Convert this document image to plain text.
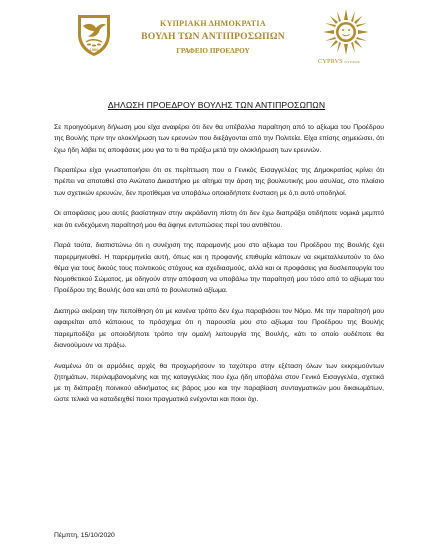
1960
ΚΥΠΡΙΑΚΗ ΔΗΜΟΚΡΑΤΙΑ
ΒΟΥΛΗ ΤΩΝ ΑΝΤΙΠΡΟΣΩΠΩΝ
ΓΡΑΦΕΙΟ ΠΡΟΕΔΡΟΥ
CYPRVS ΚΥΠΡΟΣ
ΔΗΛΩΣΗ ΠΡΟΕΔΡΟΥ ΒΟΥΛΗΣ ΤΩΝ ΑΝΤΙΠΡΟΣΩΠΩΝ

Σε προηγούμενη δήλωση μου είχα αναφέρει ότι δεν θα υπέβαλλα παραίτηση από το αξίωμα του Προέδρου της Βουλής πριν την ολοκλήρωση των ερευνών που διεξάγονται από την Πολιτεία. Είχα επίσης σημειώσει, ότι έχω ήδη λάβει τις αποφάσεις μου για το τι θα πράξω μετά την ολοκλήρωση των ερευνών.

Περαιτέρω είχα γνωστοποιήσει ότι σε περίπτωση που ο Γενικός Εισαγγελέας της Δημοκρατίας κρίνει ότι πρέπει να αποταθεί στο Ανώτατο Δικαστήριο με αίτημα την άρση της βουλευτικής μου ασυλίας, στο πλαίσιο των σχετικών ερευνών, δεν προτίθεμαι να υποβάλω οποιαδήποτε ένσταση με ό,τι αυτό υποδηλοί.

Οι αποφάσεις μου αυτές βασίστηκαν στην ακράδαντη πίστη ότι δεν έχω διαπράξει οτιδήποτε νομικά μεμπτό και ότι ενδεχόμενη παραίτησή μου θα άφηνε εντυπώσεις περί του αντιθέτου.

Παρά ταύτα, διαπιστώνω ότι η συνέχιση της παραμονής μου στο αξίωμα του Προέδρου της Βουλής έχει παρερμηνευθεί. Η παρερμηνεία αυτή, όπως και η προφανής επιθυμία κάποιων να εκμεταλλευτούν το όλο θέμα για τους δικούς τους πολιτικούς στόχους και σχεδιασμούς, αλλά και οι προφάσεις για δυσλειτουργία του Νομοθετικού Σώματος, με οδηγούν στην απόφαση να υποβάλω την παραίτησή μου τόσο από το αξίωμα του Προέδρου της Βουλής όσο και από το βουλευτικό αξίωμα.

Διατηρώ ακέραιη την πεποίθηση ότι με κανένα τρόπο δεν έχω παραβιάσει τον Νόμο. Με την παραίτησή μου αφαιρείται από κάποιους το πρόσχημα ότι η παρουσία μου στο αξίωμα του Προέδρου της Βουλής παρεμποδίζει με οποιοδήποτε τρόπο την ομαλή λειτουργία της Βουλής, κάτι το οποίο ουδέποτε θα διανοούμουν να πράξω.

Αναμένω ότι οι αρμόδιες αρχές θα προχωρήσουν το ταχύτερο στην εξέταση όλων των εκκρεμούντων ζητημάτων, περιλαμβανομένης και της καταγγελίας που έχω ήδη υποβάλει στον Γενικό Εισαγγελέα, σχετικά με τη διάπραξη ποινικού αδικήματος εις βάρος μου και την παραβίαση συνταγματικών μου δικαιωμάτων, ώστε τελικά να καταδειχθεί ποιοι πραγματικά ενέχονται και ποιοι όχι.

Πέμπτη, 15/10/2020
